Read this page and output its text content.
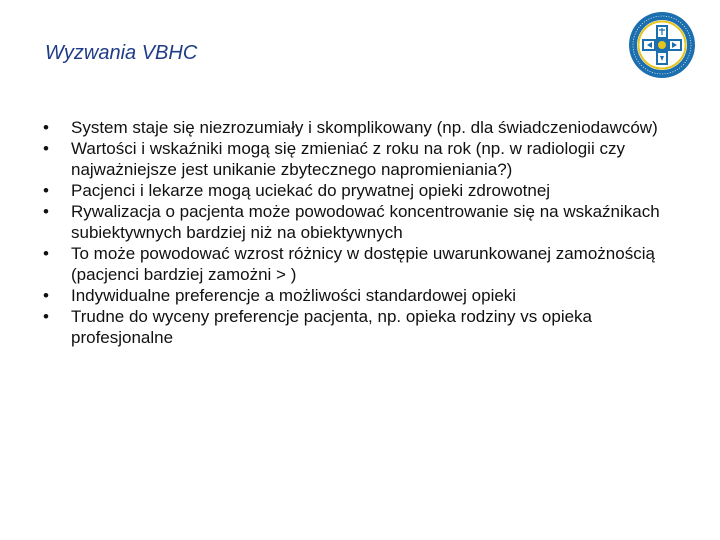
Wyzwania VBHC
• System staje się niezrozumiały i skomplikowany (np. dla świadczeniodawców)
• Wartości i wskaźniki mogą się zmieniać z roku na rok (np. w radiologii czy najważniejsze jest unikanie zbytecznego napromieniania?)
• Pacjenci i lekarze mogą uciekać do prywatnej opieki zdrowotnej
• Rywalizacja o pacjenta może powodować koncentrowanie się na wskaźnikach subiektywnych bardziej niż na obiektywnych
• To może powodować wzrost różnicy w dostępie uwarunkowanej zamożnością (pacjenci bardziej zamożni > )
• Indywidualne preferencje a możliwości standardowej opieki
• Trudne do wyceny preferencje pacjenta, np. opieka rodziny vs opieka profesjonalne
